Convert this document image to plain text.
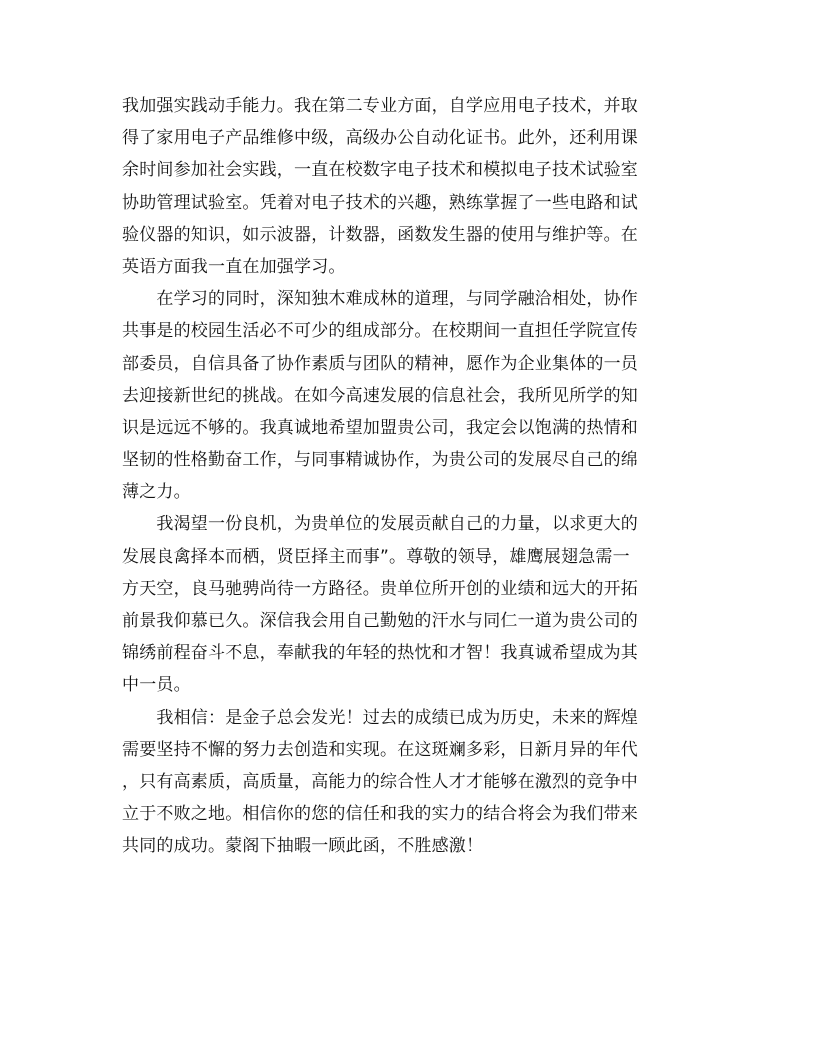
我加强实践动手能力。我在第二专业方面，自学应用电子技术，并取
得了家用电子产品维修中级，高级办公自动化证书。此外，还利用课
余时间参加社会实践，一直在校数字电子技术和模拟电子技术试验室
协助管理试验室。凭着对电子技术的兴趣，熟练掌握了一些电路和试
验仪器的知识，如示波器，计数器，函数发生器的使用与维护等。在
英语方面我一直在加强学习。
　　在学习的同时，深知独木难成林的道理，与同学融洽相处，协作
共事是的校园生活必不可少的组成部分。在校期间一直担任学院宣传
部委员，自信具备了协作素质与团队的精神，愿作为企业集体的一员
去迎接新世纪的挑战。在如今高速发展的信息社会，我所见所学的知
识是远远不够的。我真诚地希望加盟贵公司，我定会以饱满的热情和
坚韧的性格勤奋工作，与同事精诚协作，为贵公司的发展尽自己的绵
薄之力。
　　我渴望一份良机，为贵单位的发展贡献自己的力量，以求更大的
发展良禽择本而栖，贤臣择主而事”。尊敬的领导，雄鹰展翅急需一
方天空，良马驰骋尚待一方路径。贵单位所开创的业绩和远大的开拓
前景我仰慕已久。深信我会用自己勤勉的汗水与同仁一道为贵公司的
锦绣前程奋斗不息，奉献我的年轻的热忱和才智！我真诚希望成为其
中一员。
　　我相信：是金子总会发光！过去的成绩已成为历史，未来的辉煌
需要坚持不懈的努力去创造和实现。在这斑斓多彩，日新月异的年代
，只有高素质，高质量，高能力的综合性人才才能够在激烈的竞争中
立于不败之地。相信你的您的信任和我的实力的结合将会为我们带来
共同的成功。蒙阁下抽暇一顾此函，不胜感激！
